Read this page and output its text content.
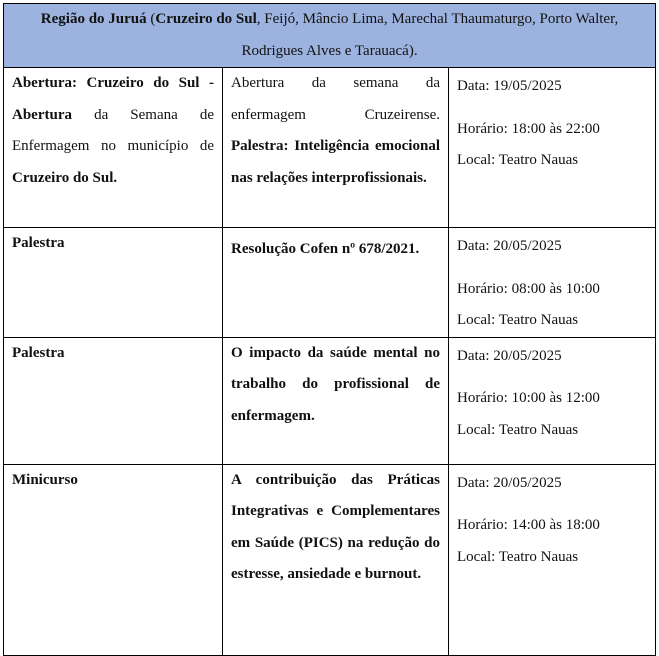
Região do Juruá (Cruzeiro do Sul, Feijó, Mâncio Lima, Marechal Thaumaturgo, Porto Walter, Rodrigues Alves e Tarauacá).		

Abertura: Cruzeiro do Sul - Abertura da Semana de Enfermagem no município de Cruzeiro do Sul.	Abertura da semana da enfermagem Cruzeirense. Palestra: Inteligência emocional nas relações interprofissionais.	Data: 19/05/2025
Horário: 18:00 às 22:00
Local: Teatro Nauas

Palestra	Resolução Cofen nº 678/2021.	Data: 20/05/2025
Horário: 08:00 às 10:00
Local: Teatro Nauas

Palestra	O impacto da saúde mental no trabalho do profissional de enfermagem.	Data: 20/05/2025
Horário: 10:00 às 12:00
Local: Teatro Nauas

Minicurso	A contribuição das Práticas Integrativas e Complementares em Saúde (PICS) na redução do estresse, ansiedade e burnout.	Data: 20/05/2025
Horário: 14:00 às 18:00
Local: Teatro Nauas
